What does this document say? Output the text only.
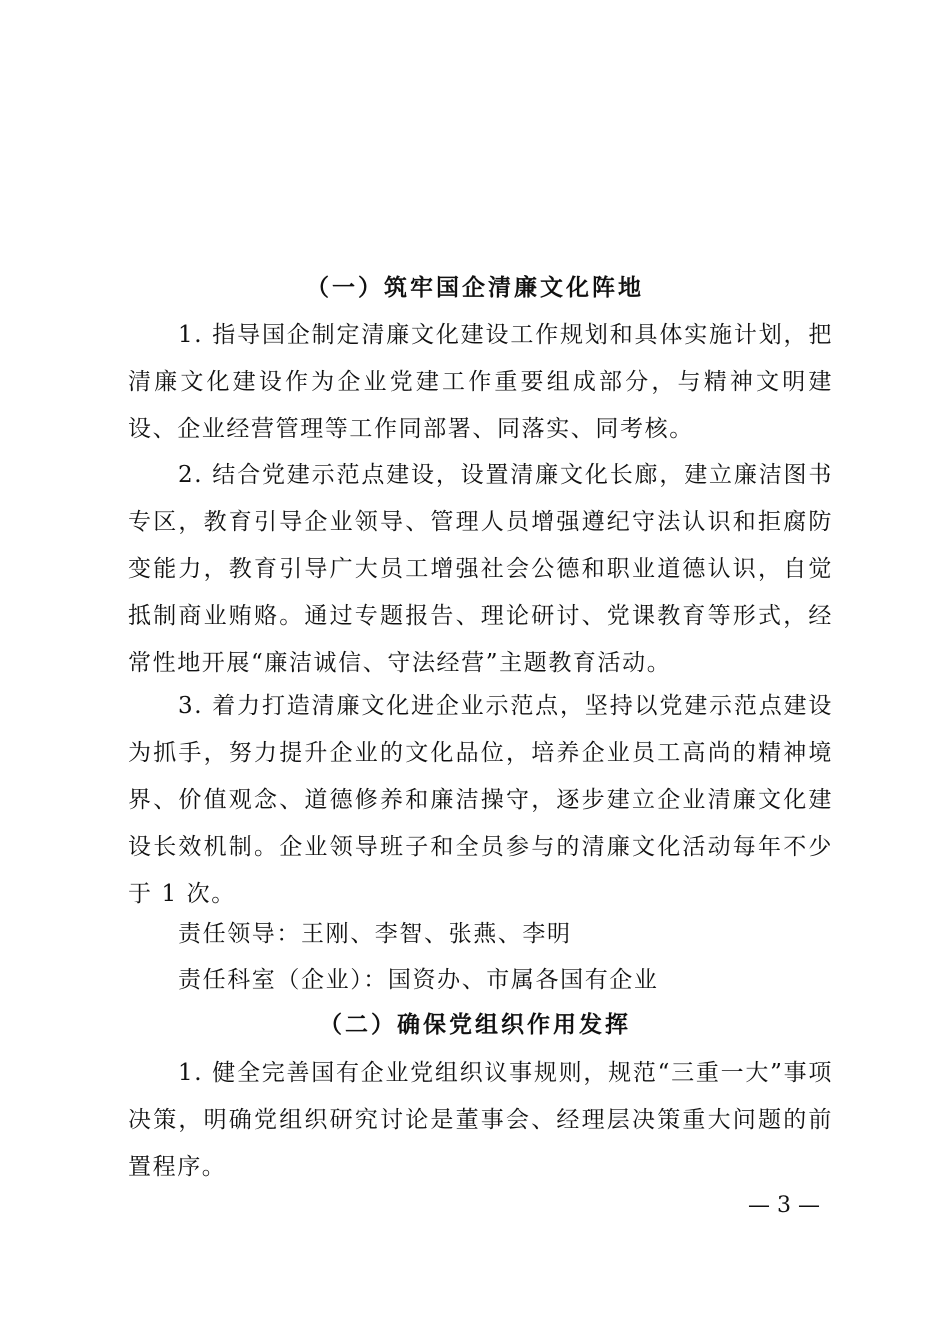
（一）筑牢国企清廉文化阵地

1. 指导国企制定清廉文化建设工作规划和具体实施计划，把清廉文化建设作为企业党建工作重要组成部分，与精神文明建设、企业经营管理等工作同部署、同落实、同考核。

2. 结合党建示范点建设，设置清廉文化长廊，建立廉洁图书专区，教育引导企业领导、管理人员增强遵纪守法认识和拒腐防变能力，教育引导广大员工增强社会公德和职业道德认识，自觉抵制商业贿赂。通过专题报告、理论研讨、党课教育等形式，经常性地开展“廉洁诚信、守法经营”主题教育活动。

3. 着力打造清廉文化进企业示范点，坚持以党建示范点建设为抓手，努力提升企业的文化品位，培养企业员工高尚的精神境界、价值观念、道德修养和廉洁操守，逐步建立企业清廉文化建设长效机制。企业领导班子和全员参与的清廉文化活动每年不少于 1 次。

责任领导：王刚、李智、张燕、李明

责任科室（企业）：国资办、市属各国有企业

（二）确保党组织作用发挥

1. 健全完善国有企业党组织议事规则，规范“三重一大”事项决策，明确党组织研究讨论是董事会、经理层决策重大问题的前置程序。

— 3 —
